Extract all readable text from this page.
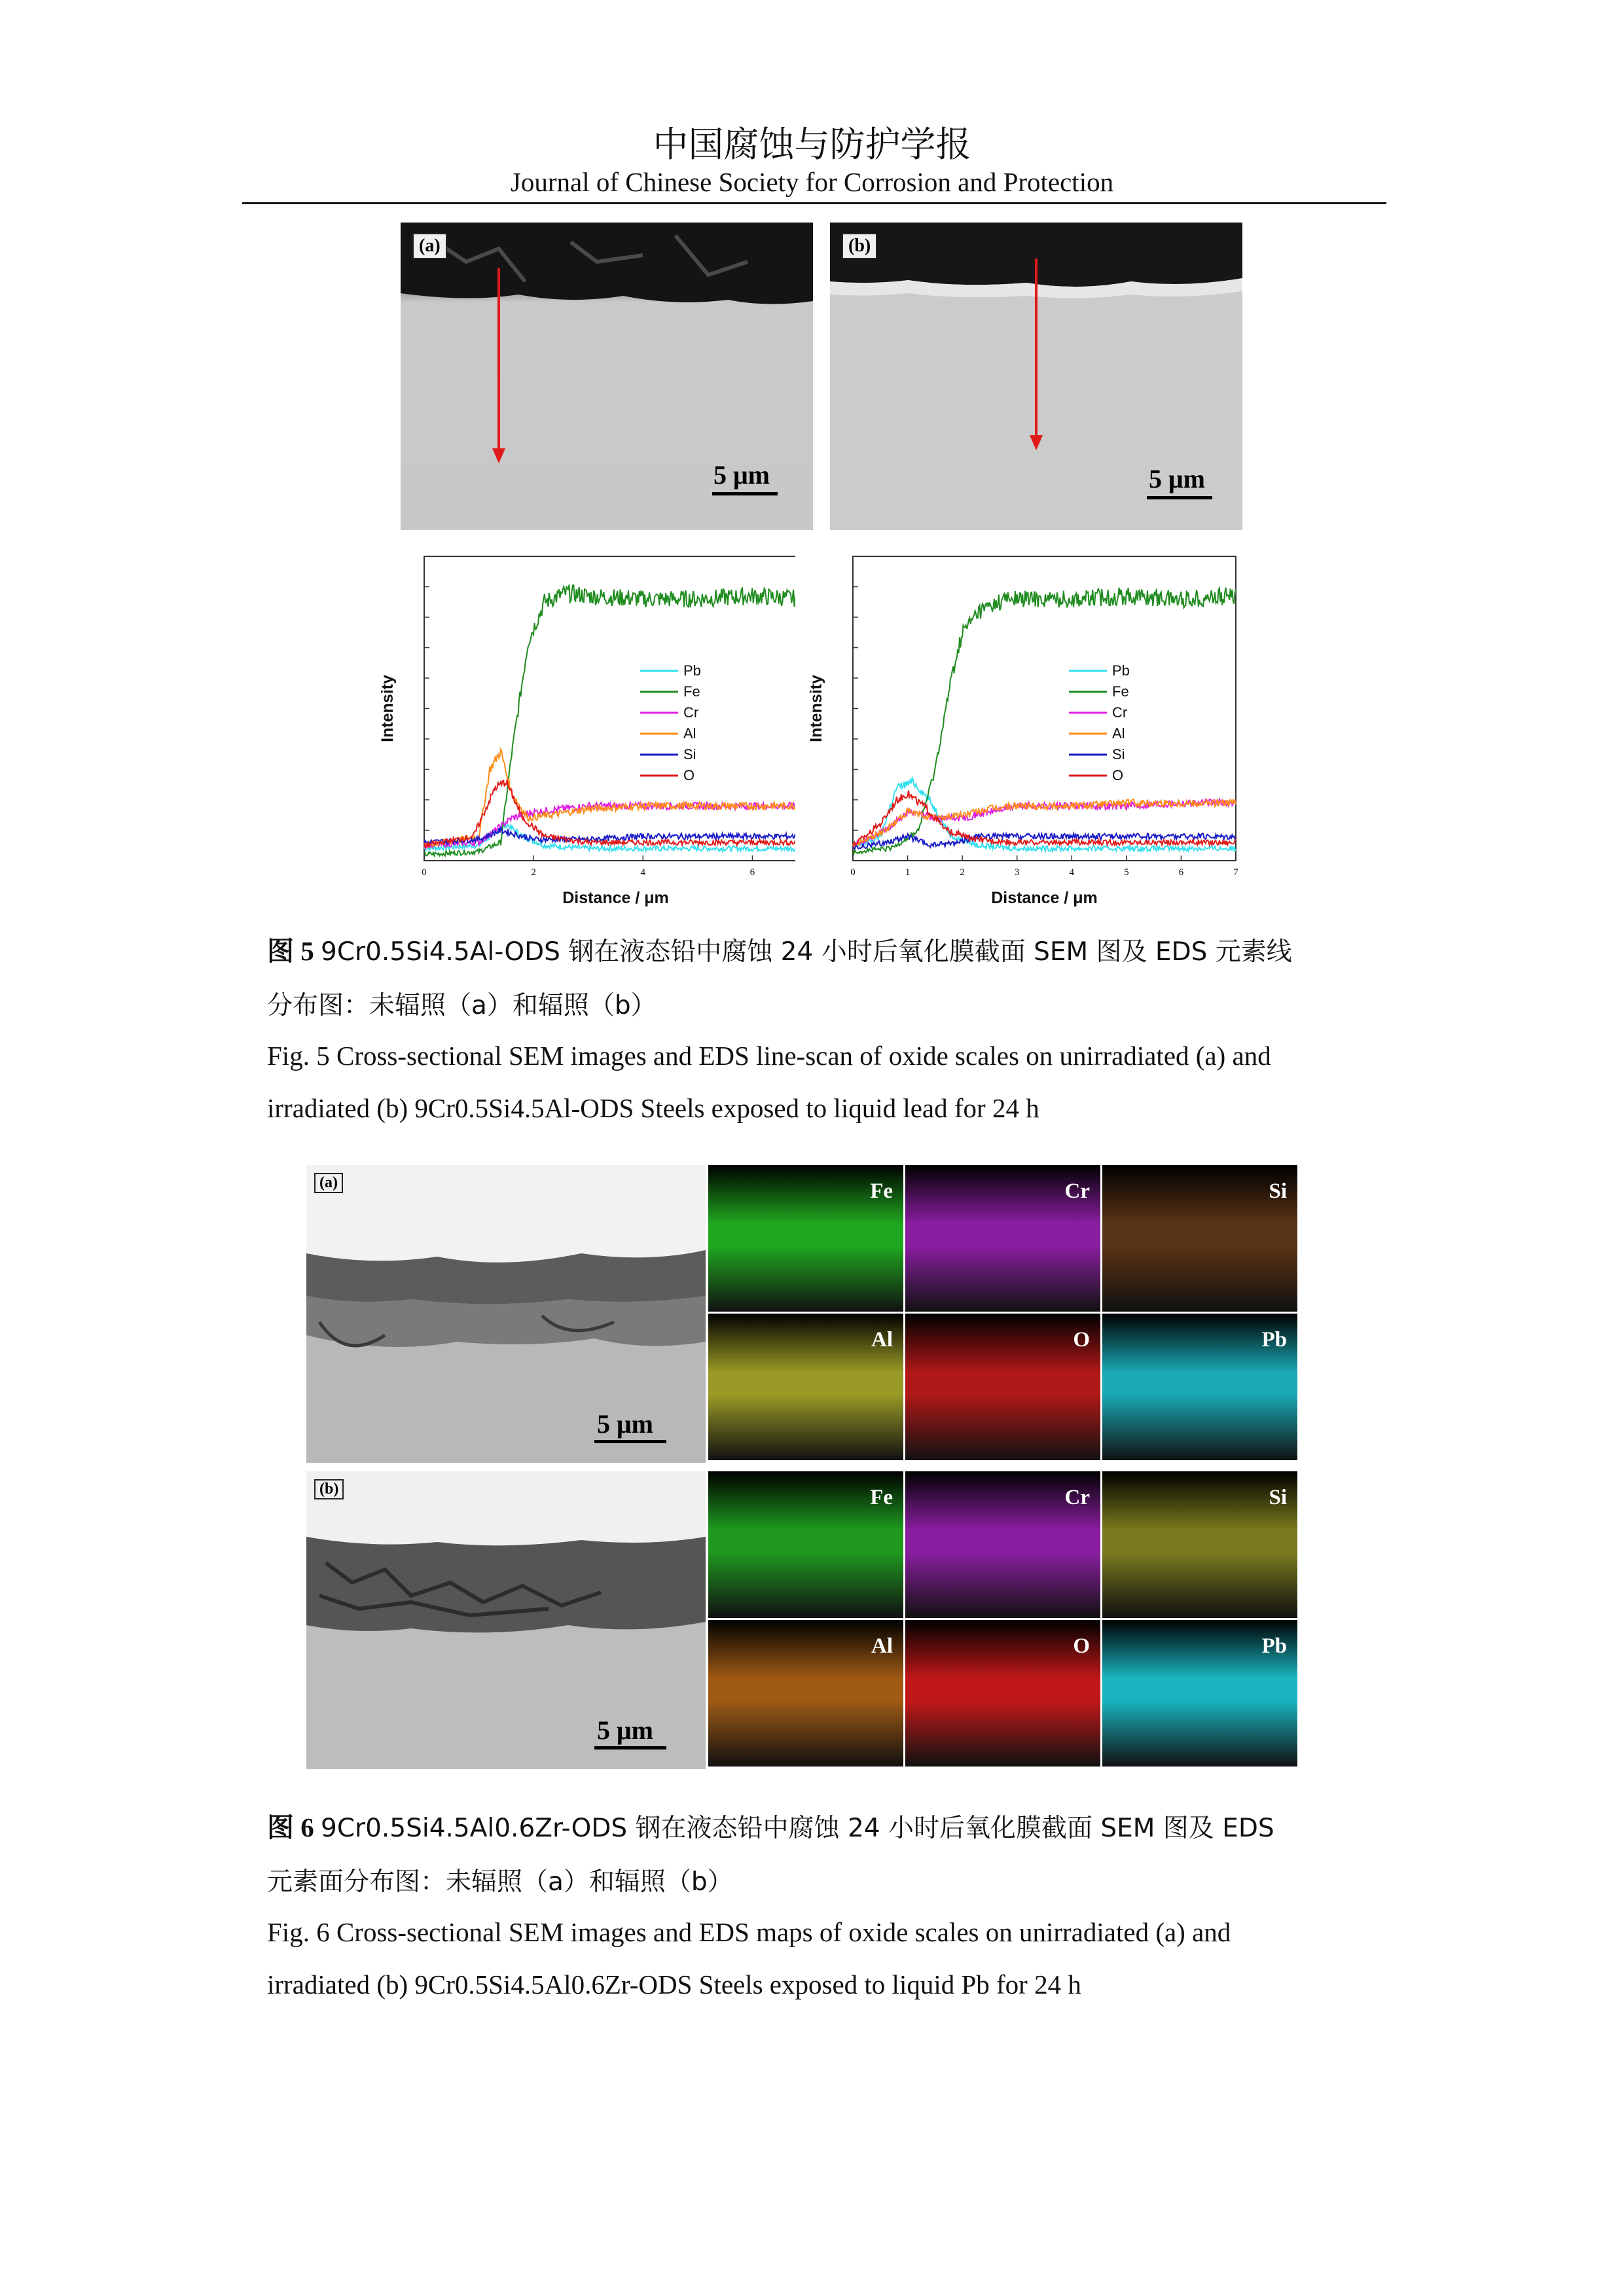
中国腐蚀与防护学报
Journal of Chinese Society for Corrosion and Protection
(a)
5 μm
(b)
5 μm
0	2	4	6
Pb
Fe
Cr
Al
Si
O
Distance / μm
Intensity
0	1	2	3	4	5	6	7
Pb
Fe
Cr
Al
Si
O
Distance / μm
Intensity
图 5 9Cr0.5Si4.5Al-ODS 钢在液态铅中腐蚀 24 小时后氧化膜截面 SEM 图及 EDS 元素线
分布图：未辐照（a）和辐照（b）
Fig. 5 Cross-sectional SEM images and EDS line-scan of oxide scales on unirradiated (a) and
irradiated (b) 9Cr0.5Si4.5Al-ODS Steels exposed to liquid lead for 24 h
(a)
5 μm
(b)
5 μm
Fe	Cr	Si
Al	O	Pb
Fe	Cr	Si
Al	O	Pb
图 6 9Cr0.5Si4.5Al0.6Zr-ODS 钢在液态铅中腐蚀 24 小时后氧化膜截面 SEM 图及 EDS
元素面分布图：未辐照（a）和辐照（b）
Fig. 6 Cross-sectional SEM images and EDS maps of oxide scales on unirradiated (a) and
irradiated (b) 9Cr0.5Si4.5Al0.6Zr-ODS Steels exposed to liquid Pb for 24 h
